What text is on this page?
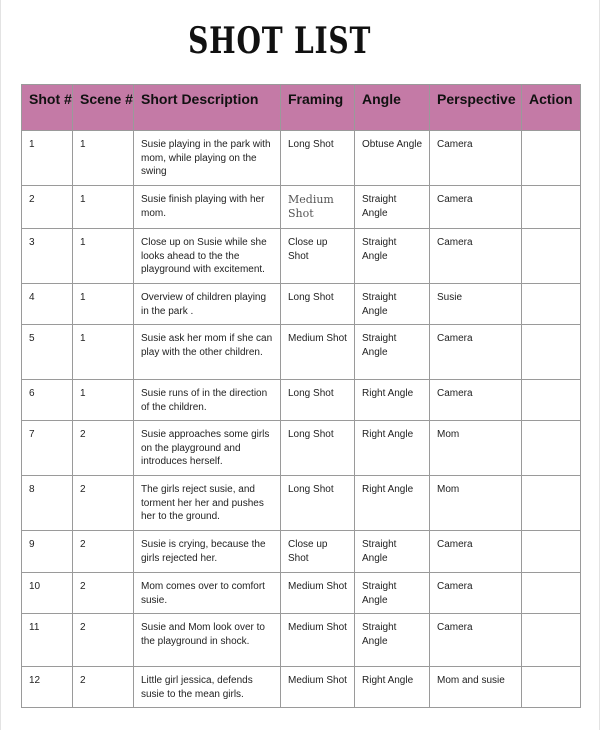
SHOT LIST
Shot #	Scene #	Short Description	Framing	Angle	Perspective	Action
1	1	Susie playing in the park with mom, while playing on the swing	Long Shot	Obtuse Angle	Camera	
2	1	Susie finish playing with her mom.	Medium Shot	Straight Angle	Camera	
3	1	Close up on Susie while she looks ahead to the the playground with excitement.	Close up Shot	Straight Angle	Camera	
4	1	Overview of children playing in the park .	Long Shot	Straight Angle	Susie	
5	1	Susie ask her mom if she can play with the other children.	Medium Shot	Straight Angle	Camera	
6	1	Susie runs of in the direction of the children.	Long Shot	Right Angle	Camera	
7	2	Susie approaches some girls on the playground and introduces herself.	Long Shot	Right Angle	Mom	
8	2	The girls reject susie, and torment her her and pushes her to the ground.	Long Shot	Right Angle	Mom	
9	2	Susie is crying, because the girls rejected her.	Close up Shot	Straight Angle	Camera	
10	2	Mom comes over to comfort susie.	Medium Shot	Straight Angle	Camera	
11	2	Susie and Mom look over to the playground in shock.	Medium Shot	Straight Angle	Camera	
12	2	Little girl jessica, defends susie to the mean girls.	Medium Shot	Right Angle	Mom and susie	
